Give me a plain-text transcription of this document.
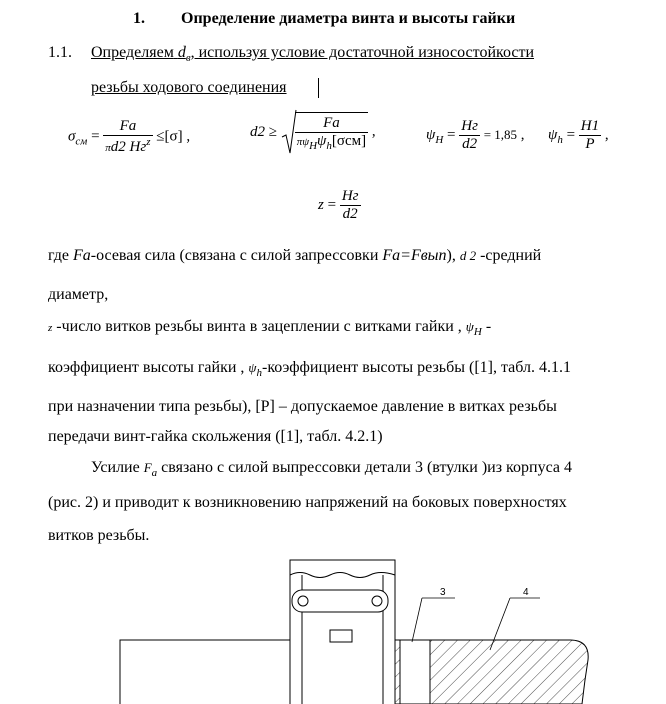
1. Определение диаметра винта и высоты гайки
1.1. Определяем $d_в$, используя условие достаточной износостойкости
резьбы ходового соединения
$\sigma_{см} = \frac{Fa}{\pi d2 Hг^z} \le[\sigma]$ ,	$d2 \ge \frac{Fa}{\pi\psi_H\psi_h[\sigma см]}$ ,	$\psi_H = \frac{Hг}{d2} = 1,85$ , $\psi_h = \frac{H1}{P}$ ,
$z = \frac{Hг}{d2}$
где Fa-осевая сила (связана с силой запрессовки Fa=Fвып), d 2 -средний
диаметр,
z -число витков резьбы винта в зацеплении с витками гайки , $\psi_H$ -
коэффициент высоты гайки , $\psi_h$-коэффициент высоты резьбы ([1], табл. 4.1.1
при назначении типа резьбы), [P] – допускаемое давление в витках резьбы
передачи винт-гайка скольжения ([1], табл. 4.2.1)
Усилие $F_a$ связано с силой выпрессовки детали 3 (втулки )из корпуса 4
(рис. 2) и приводит к возникновению напряжений на боковых поверхностях
витков резьбы.
3	4
